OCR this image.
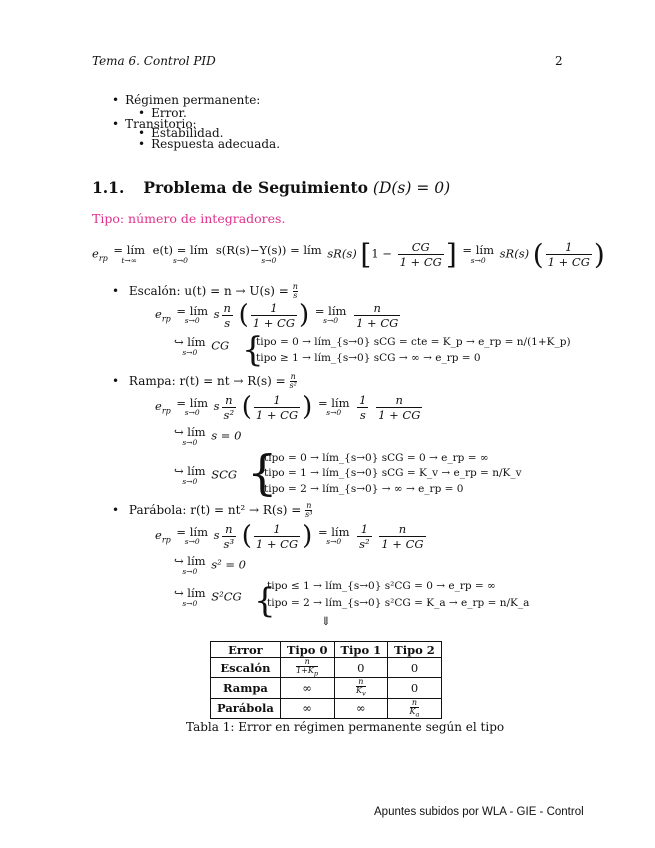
Tema 6. Control PID	2
• Régimen permanente:
• Error.
• Transitorio:
• Estabilidad.
• Respuesta adecuada.
1.1. Problema de Seguimiento (D(s) = 0)
Tipo: número de integradores.
$e_{rp}$
= lím
t→∞

e(t) = lím
s→0

s(R(s)−Y(s)) = lím
s→0	sR(s) [$1 - \frac{CG}{1 + CG}$ ] = lím
s→0	sR(s) ( $\frac{1}{1 + CG}$ )
• Escalón: $u(t) = n \to U(s) = \frac{n}{s}$
$e_{rp}$
= lím
s→0	s $\frac{n}{s}$ ( $\frac{1}{1 + CG}$ ) = lím
s→0
	$\frac{n}{1 + CG}$
↪ lím
s→0	CG {
tipo = 0 → lím_{s→0} sCG = cte = K_p → e_rp = n/(1+K_p)
tipo ≥ 1 → lím_{s→0} sCG → ∞ → e_rp = 0
• Rampa: r(t) = nt → $R(s) = \frac{n}{\text{s²}}$
$e_{rp}$
= lím
s→0	s $\frac{n}{\text{s²}}$ ( $\frac{1}{1 + CG}$ ) = lím
s→0
	$\frac{1}{s}$
$\frac{n}{1 + CG}$
↪ lím
s→0	s = 0
↪ lím
s→0	SCG {
tipo = 0 → lím_{s→0} sCG = 0 → e_rp = ∞
tipo = 1 → lím_{s→0} sCG = K_v → e_rp = n/K_v
tipo = 2 → lím_{s→0} → ∞ → e_rp = 0
• Parábola: $r(t) = nt^2 \to R(s) = \frac{n}{\text{s³}}$
$e_{rp}$
= lím
s→0	s $\frac{n}{\text{s³}}$ ( $\frac{1}{1 + CG}$ ) = lím
s→0
	$\frac{1}{\text{s²}}$
$\frac{n}{1 + CG}$
↪ lím
s→0	s² = 0
↪ lím
s→0	S²CG {
tipo ≤ 1 → lím_{s→0} s²CG = 0 → e_rp = ∞
tipo = 2 → lím_{s→0} s²CG = K_a → e_rp = n/K_a
⇓
Error	Tipo 0	Tipo 1	Tipo 2
Escalón	$\frac{n}{1+K_p}$	0	0
Rampa	∞	$\frac{n}{K_v}$	0
Parábola	∞	∞	$\frac{n}{K_a}$
Tabla 1: Error en régimen permanente según el tipo
Apuntes subidos por WLA - GIE - Control
